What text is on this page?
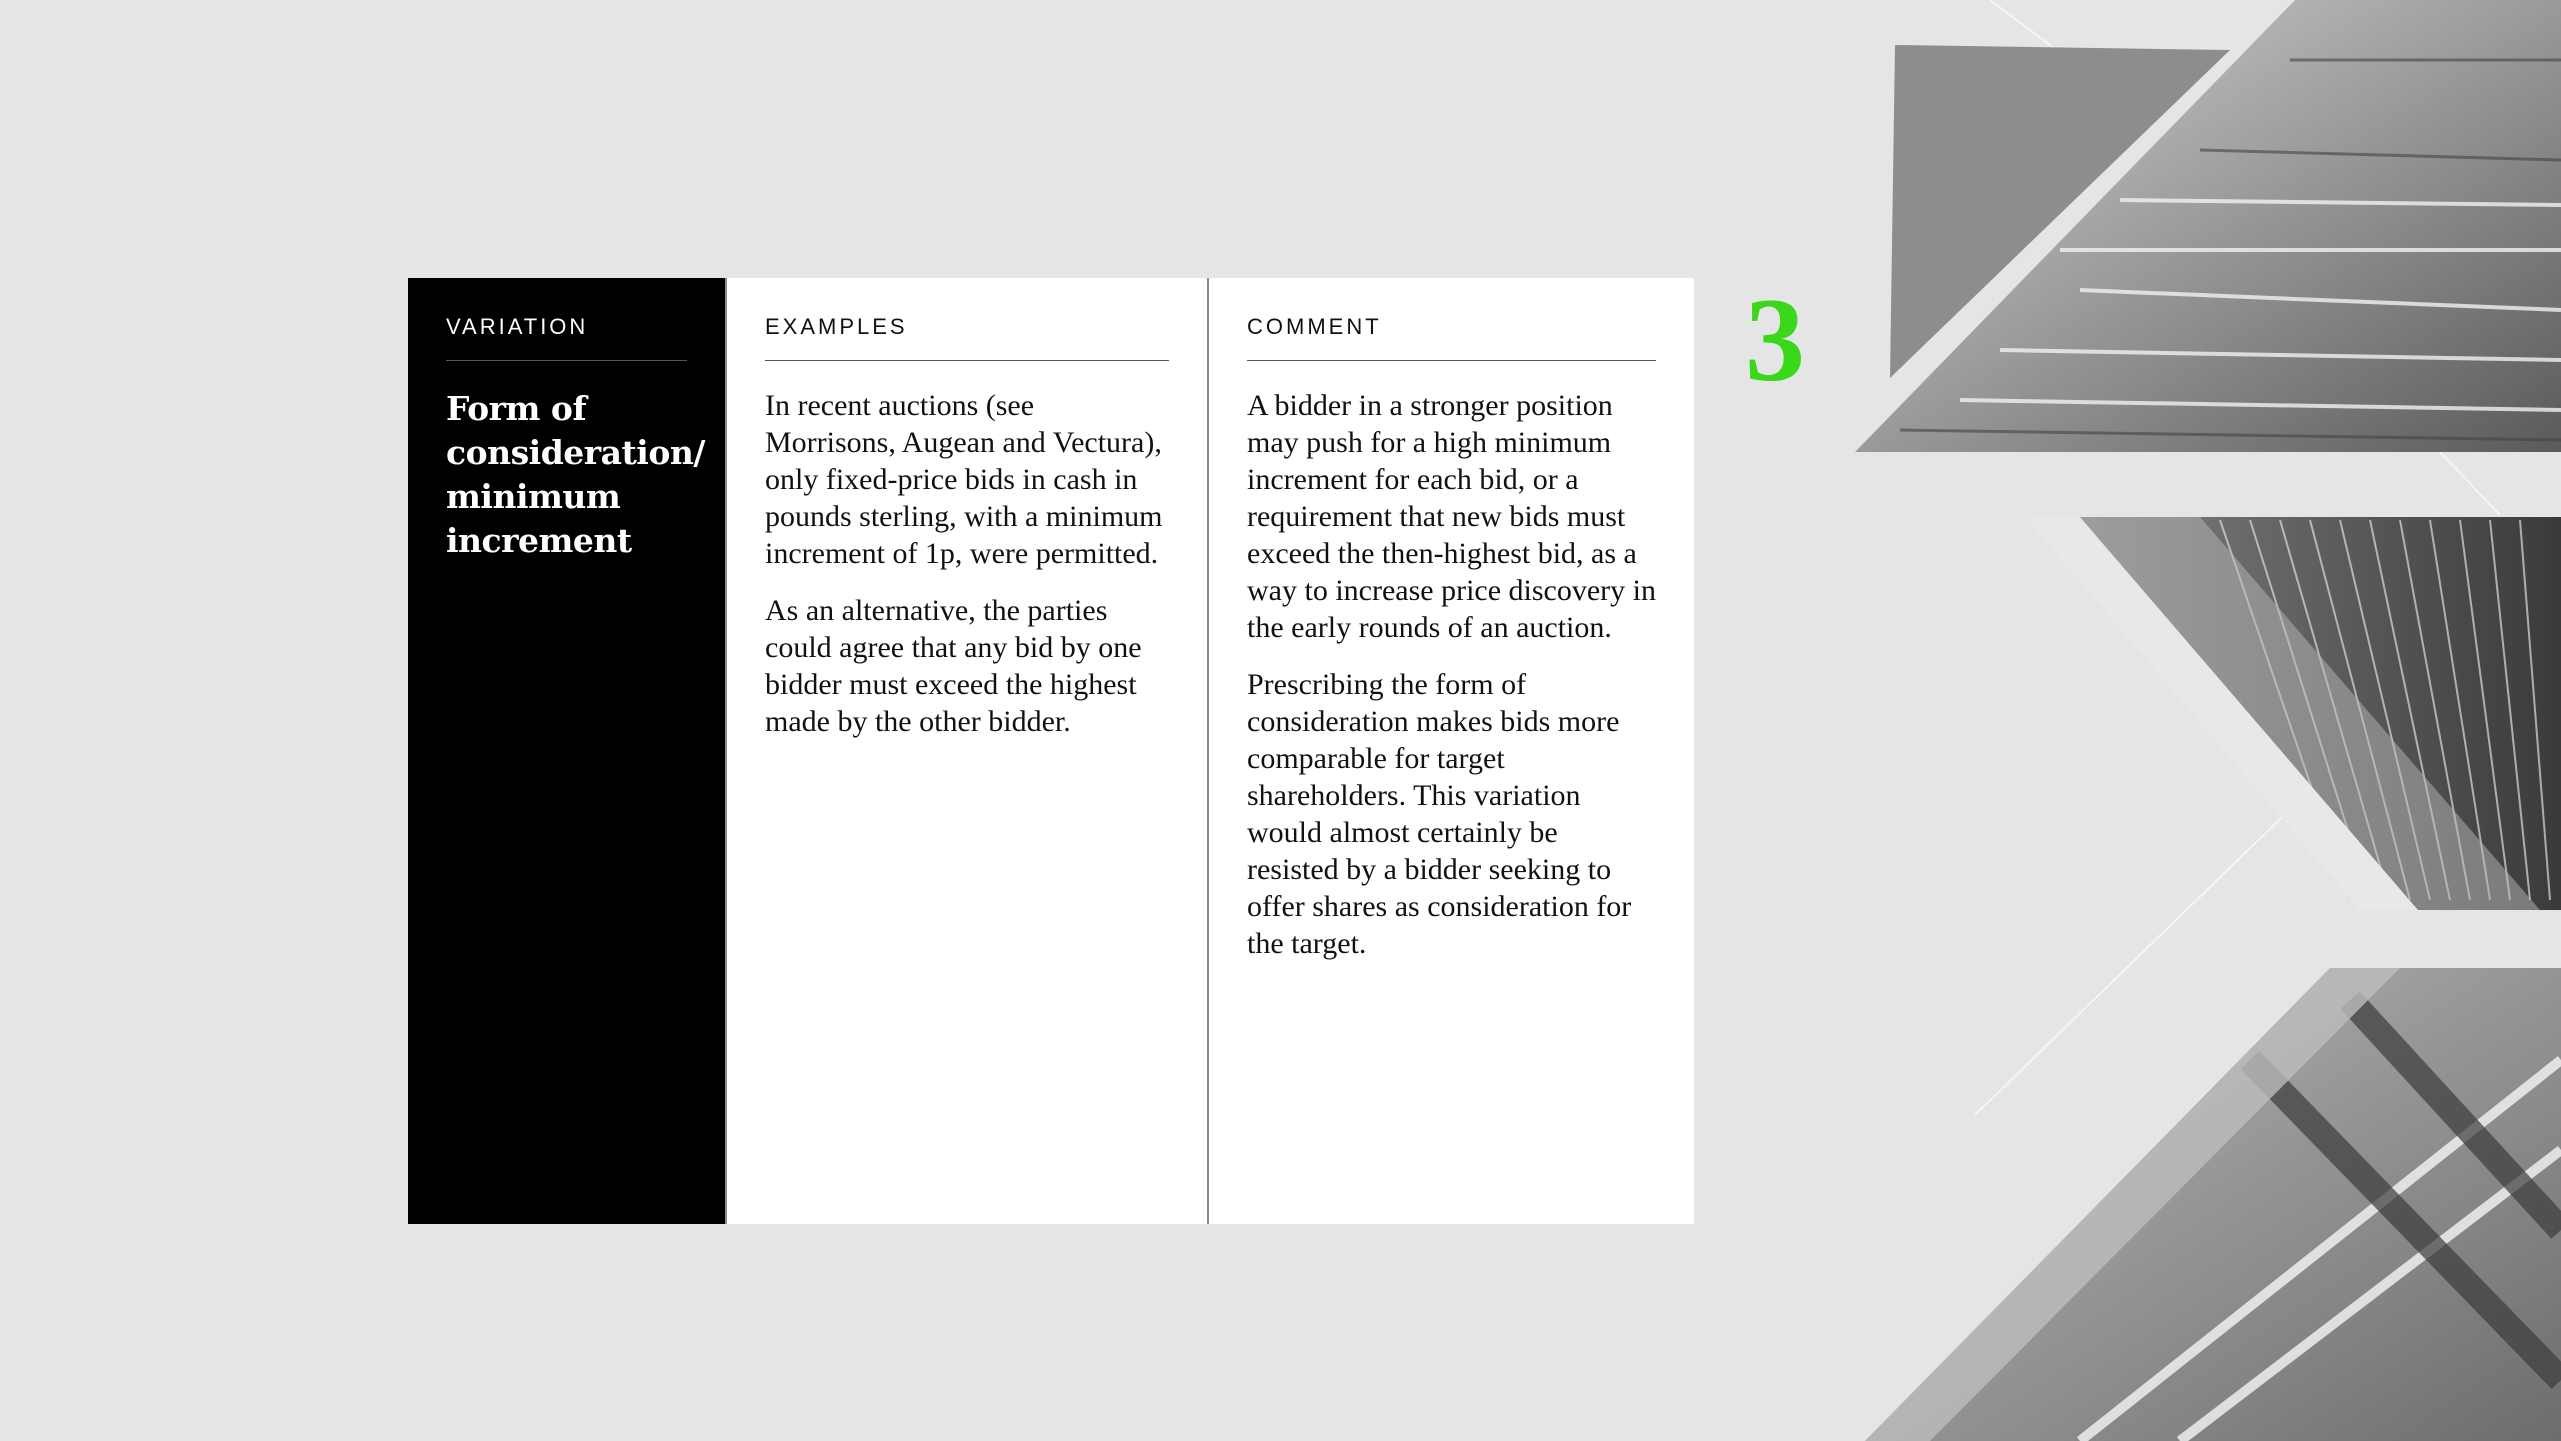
VARIATION

Form of consideration/ minimum increment

EXAMPLES

In recent auctions (see Morrisons, Augean and Vectura), only fixed-price bids in cash in pounds sterling, with a minimum increment of 1p, were permitted.

As an alternative, the parties could agree that any bid by one bidder must exceed the highest made by the other bidder.

COMMENT

A bidder in a stronger position may push for a high minimum increment for each bid, or a requirement that new bids must exceed the then-highest bid, as a way to increase price discovery in the early rounds of an auction.

Prescribing the form of consideration makes bids more comparable for target shareholders. This variation would almost certainly be resisted by a bidder seeking to offer shares as consideration for the target.

3
